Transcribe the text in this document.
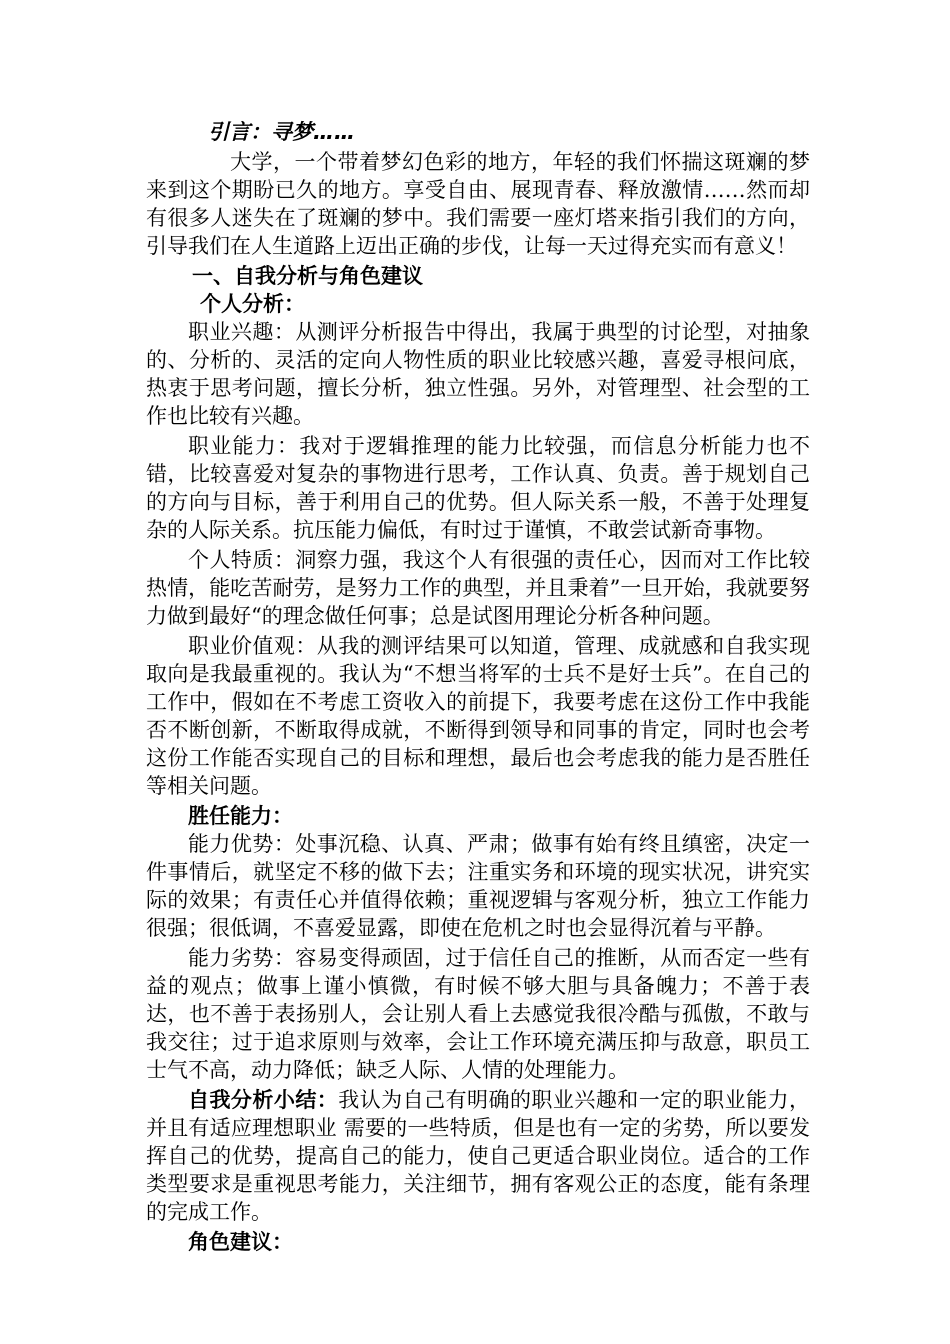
引言：寻梦……

大学，一个带着梦幻色彩的地方，年轻的我们怀揣这斑斓的梦来到这个期盼已久的地方。享受自由、展现青春、释放激情……然而却有很多人迷失在了斑斓的梦中。我们需要一座灯塔来指引我们的方向，引导我们在人生道路上迈出正确的步伐，让每一天过得充实而有意义！

一、自我分析与角色建议

个人分析：

职业兴趣：从测评分析报告中得出，我属于典型的讨论型，对抽象的、分析的、灵活的定向人物性质的职业比较感兴趣，喜爱寻根问底，热衷于思考问题，擅长分析，独立性强。另外，对管理型、社会型的工作也比较有兴趣。

职业能力：我对于逻辑推理的能力比较强，而信息分析能力也不错，比较喜爱对复杂的事物进行思考，工作认真、负责。善于规划自己的方向与目标，善于利用自己的优势。但人际关系一般，不善于处理复杂的人际关系。抗压能力偏低，有时过于谨慎，不敢尝试新奇事物。

个人特质：洞察力强，我这个人有很强的责任心，因而对工作比较热情，能吃苦耐劳，是努力工作的典型，并且秉着”一旦开始，我就要努力做到最好“的理念做任何事；总是试图用理论分析各种问题。

职业价值观：从我的测评结果可以知道，管理、成就感和自我实现取向是我最重视的。我认为“不想当将军的士兵不是好士兵”。在自己的工作中，假如在不考虑工资收入的前提下，我要考虑在这份工作中我能否不断创新，不断取得成就，不断得到领导和同事的肯定，同时也会考这份工作能否实现自己的目标和理想，最后也会考虑我的能力是否胜任等相关问题。

胜任能力：

能力优势：处事沉稳、认真、严肃；做事有始有终且缜密，决定一件事情后，就坚定不移的做下去；注重实务和环境的现实状况，讲究实际的效果；有责任心并值得依赖；重视逻辑与客观分析，独立工作能力很强；很低调，不喜爱显露，即使在危机之时也会显得沉着与平静。

能力劣势：容易变得顽固，过于信任自己的推断，从而否定一些有益的观点；做事上谨小慎微，有时候不够大胆与具备魄力；不善于表达，也不善于表扬别人，会让别人看上去感觉我很冷酷与孤傲，不敢与我交往；过于追求原则与效率，会让工作环境充满压抑与敌意，职员工士气不高，动力降低；缺乏人际、人情的处理能力。

自我分析小结：我认为自己有明确的职业兴趣和一定的职业能力，并且有适应理想职业 需要的一些特质，但是也有一定的劣势，所以要发挥自己的优势，提高自己的能力，使自己更适合职业岗位。适合的工作类型要求是重视思考能力，关注细节，拥有客观公正的态度，能有条理的完成工作。

角色建议：
